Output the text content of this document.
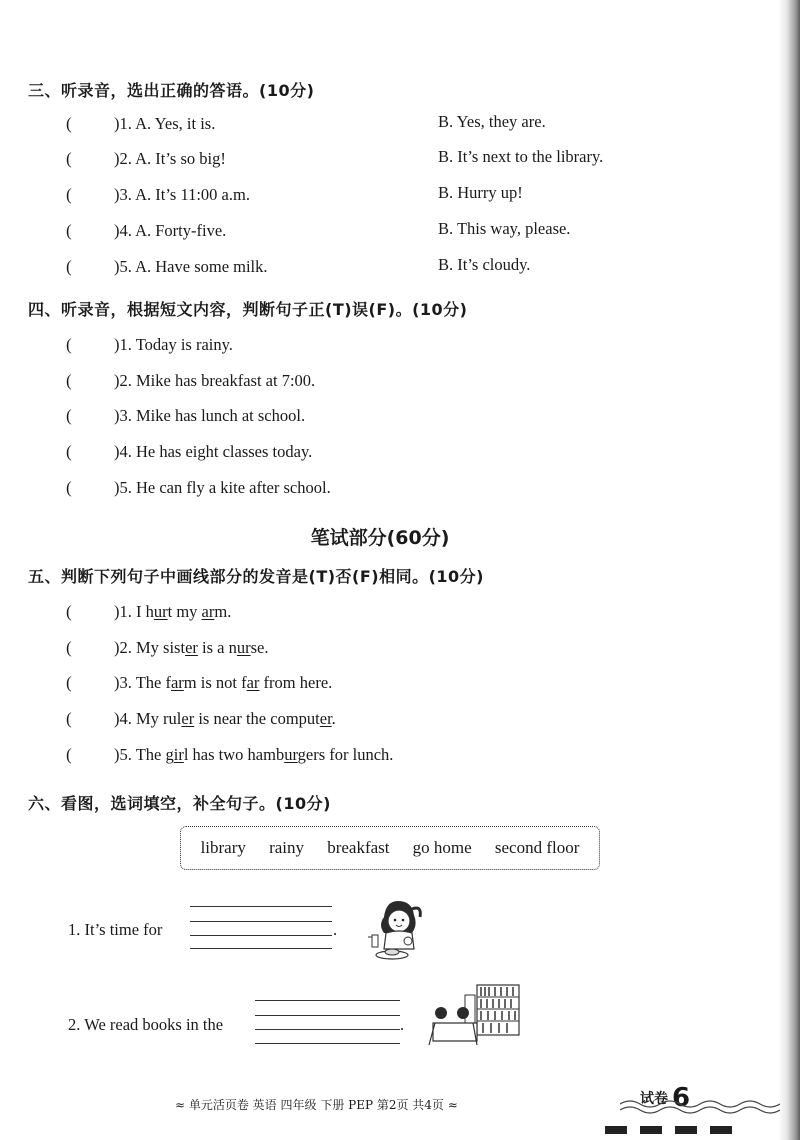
三、听录音，选出正确的答语。(10分)
(	)1. A. Yes, it is.	B. Yes, they are.
(	)2. A. It’s so big!	B. It’s next to the library.
(	)3. A. It’s 11:00 a.m.	B. Hurry up!
(	)4. A. Forty-five.	B. This way, please.
(	)5. A. Have some milk.	B. It’s cloudy.
四、听录音，根据短文内容，判断句子正(T)误(F)。(10分)
(	)1. Today is rainy.
(	)2. Mike has breakfast at 7:00.
(	)3. Mike has lunch at school.
(	)4. He has eight classes today.
(	)5. He can fly a kite after school.
笔试部分(60分)
五、判断下列句子中画线部分的发音是(T)否(F)相同。(10分)
(	)1. I hurt my arm.
(	)2. My sister is a nurse.
(	)3. The farm is not far from here.
(	)4. My ruler is near the computer.
(	)5. The girl has two hamburgers for lunch.
六、看图，选词填空，补全句子。(10分)
library rainy breakfast go home second floor
1. It’s time for	.
2. We read books in the	.
≈ 单元活页卷 英语 四年级 下册 PEP 第2页 共4页 ≈	试卷 6
